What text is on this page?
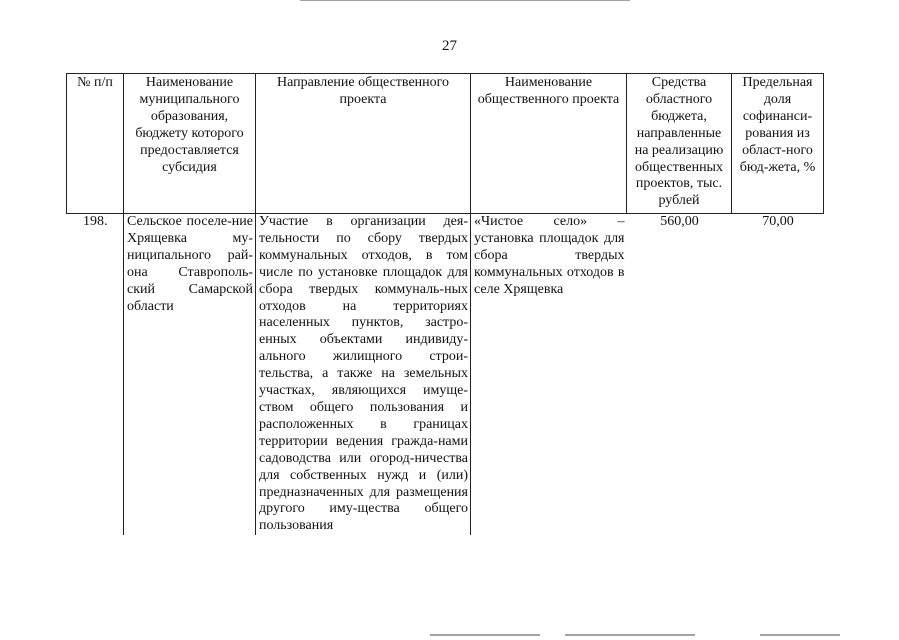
27
№ п/п	Наименование муниципального образования, бюджету которого предоставляется субсидия	Направление общественного проекта	Наименование общественного проекта	Средства областного бюджета, направленные на реализацию общественных проектов, тыс. рублей	Предельная доля софинанси-рования из област-ного бюд-жета, %
198.	Сельское поселе-ние Хрящевка му-ниципального рай-она Ставрополь-ский Самарской области	Участие в организации дея-тельности по сбору твердых коммунальных отходов, в том числе по установке площадок для сбора твердых коммуналь-ных отходов на территориях населенных пунктов, застро-енных объектами индивиду-ального жилищного строи-тельства, а также на земельных участках, являющихся имуще-ством общего пользования и расположенных в границах территории ведения гражда-нами садоводства или огород-ничества для собственных нужд и (или) предназначенных для размещения другого иму-щества общего пользования	«Чистое село» – установка площадок для сбора твердых коммунальных отходов в селе Хрящевка	560,00	70,00
